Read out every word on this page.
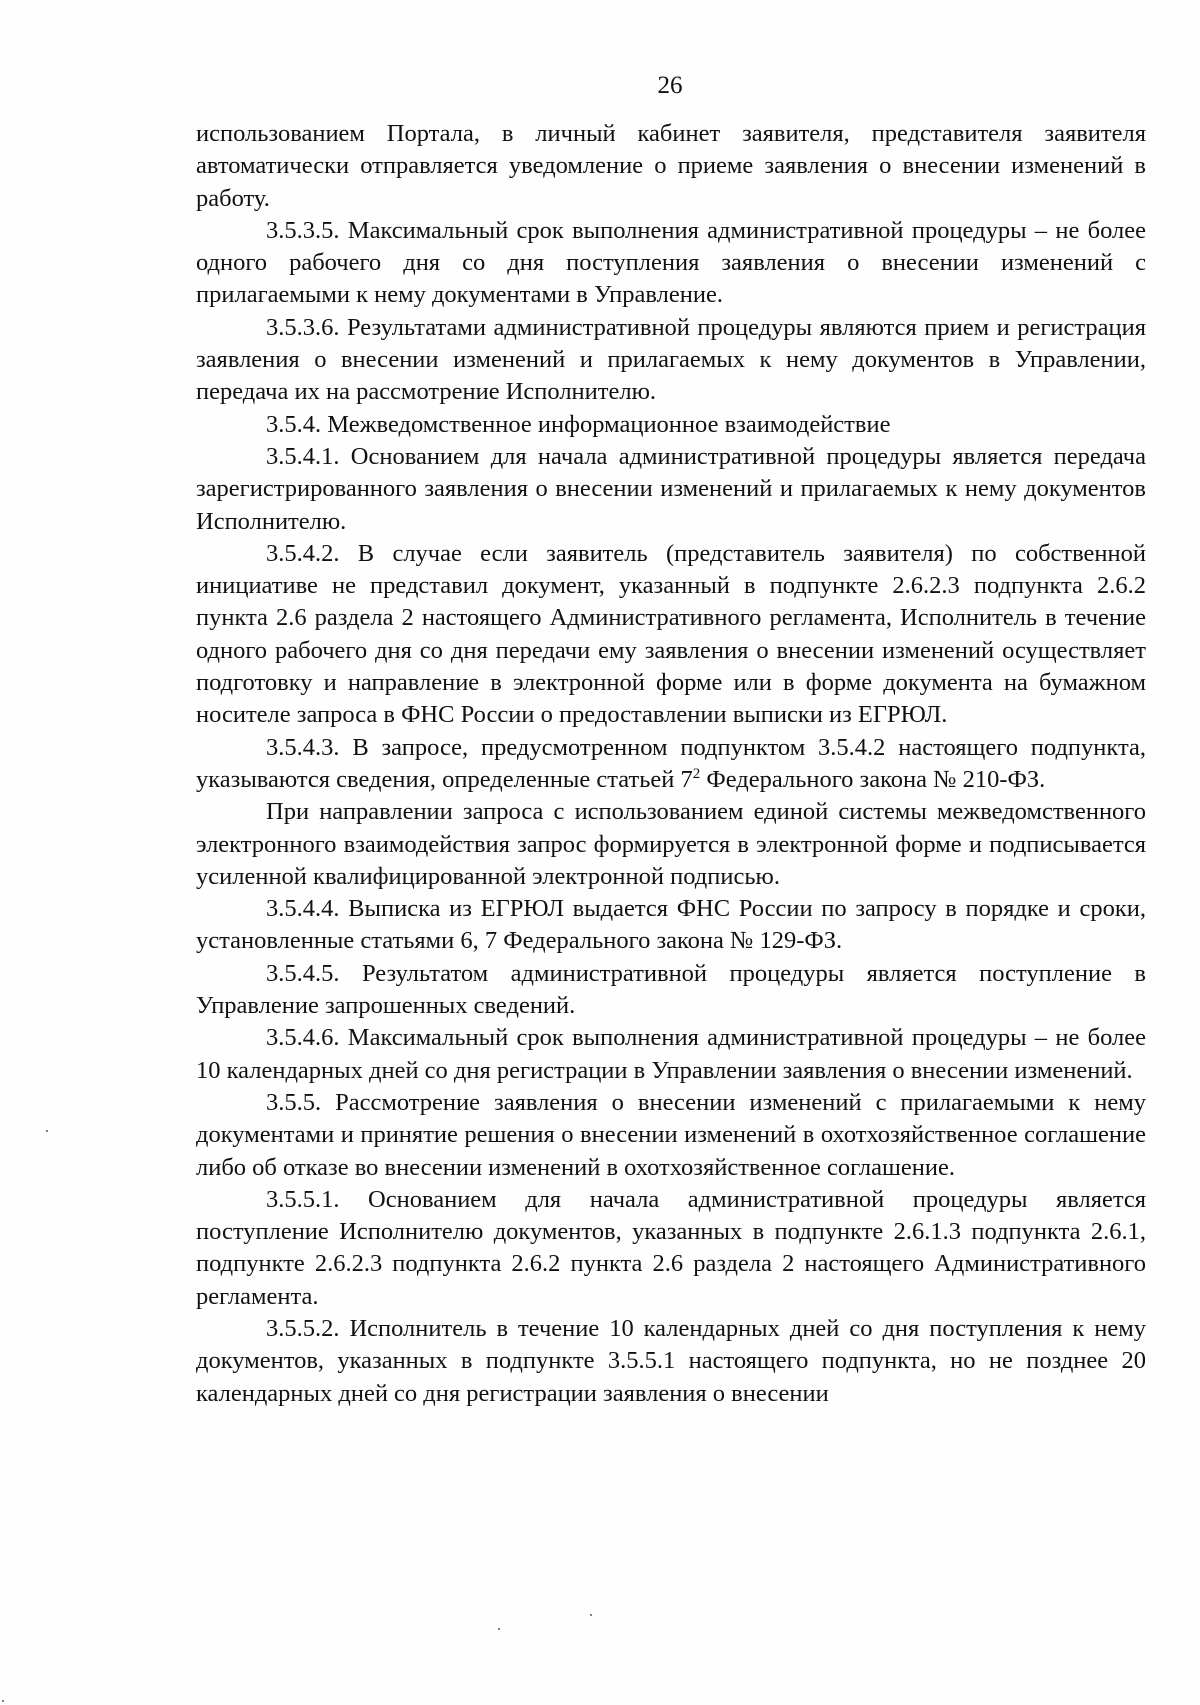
26

использованием Портала, в личный кабинет заявителя, представителя заявителя автоматически отправляется уведомление о приеме заявления о внесении изменений в работу.

3.5.3.5. Максимальный срок выполнения административной процедуры – не более одного рабочего дня со дня поступления заявления о внесении изменений с прилагаемыми к нему документами в Управление.

3.5.3.6. Результатами административной процедуры являются прием и регистрация заявления о внесении изменений и прилагаемых к нему документов в Управлении, передача их на рассмотрение Исполнителю.

3.5.4. Межведомственное информационное взаимодействие

3.5.4.1. Основанием для начала административной процедуры является передача зарегистрированного заявления о внесении изменений и прилагаемых к нему документов Исполнителю.

3.5.4.2. В случае если заявитель (представитель заявителя) по собственной инициативе не представил документ, указанный в подпункте 2.6.2.3 подпункта 2.6.2 пункта 2.6 раздела 2 настоящего Административного регламента, Исполнитель в течение одного рабочего дня со дня передачи ему заявления о внесении изменений осуществляет подготовку и направление в электронной форме или в форме документа на бумажном носителе запроса в ФНС России о предоставлении выписки из ЕГРЮЛ.

3.5.4.3. В запросе, предусмотренном подпунктом 3.5.4.2 настоящего подпункта, указываются сведения, определенные статьей $7^2$ Федерального закона № 210-ФЗ.

При направлении запроса с использованием единой системы межведомственного электронного взаимодействия запрос формируется в электронной форме и подписывается усиленной квалифицированной электронной подписью.

3.5.4.4. Выписка из ЕГРЮЛ выдается ФНС России по запросу в порядке и сроки, установленные статьями 6, 7 Федерального закона № 129-ФЗ.

3.5.4.5. Результатом административной процедуры является поступление в Управление запрошенных сведений.

3.5.4.6. Максимальный срок выполнения административной процедуры – не более 10 календарных дней со дня регистрации в Управлении заявления о внесении изменений.

3.5.5. Рассмотрение заявления о внесении изменений с прилагаемыми к нему документами и принятие решения о внесении изменений в охотхозяйственное соглашение либо об отказе во внесении изменений в охотхозяйственное соглашение.

3.5.5.1. Основанием для начала административной процедуры является поступление Исполнителю документов, указанных в подпункте 2.6.1.3 подпункта 2.6.1, подпункте 2.6.2.3 подпункта 2.6.2 пункта 2.6 раздела 2 настоящего Административного регламента.

3.5.5.2. Исполнитель в течение 10 календарных дней со дня поступления к нему документов, указанных в подпункте 3.5.5.1 настоящего подпункта, но не позднее 20 календарных дней со дня регистрации заявления о внесении
